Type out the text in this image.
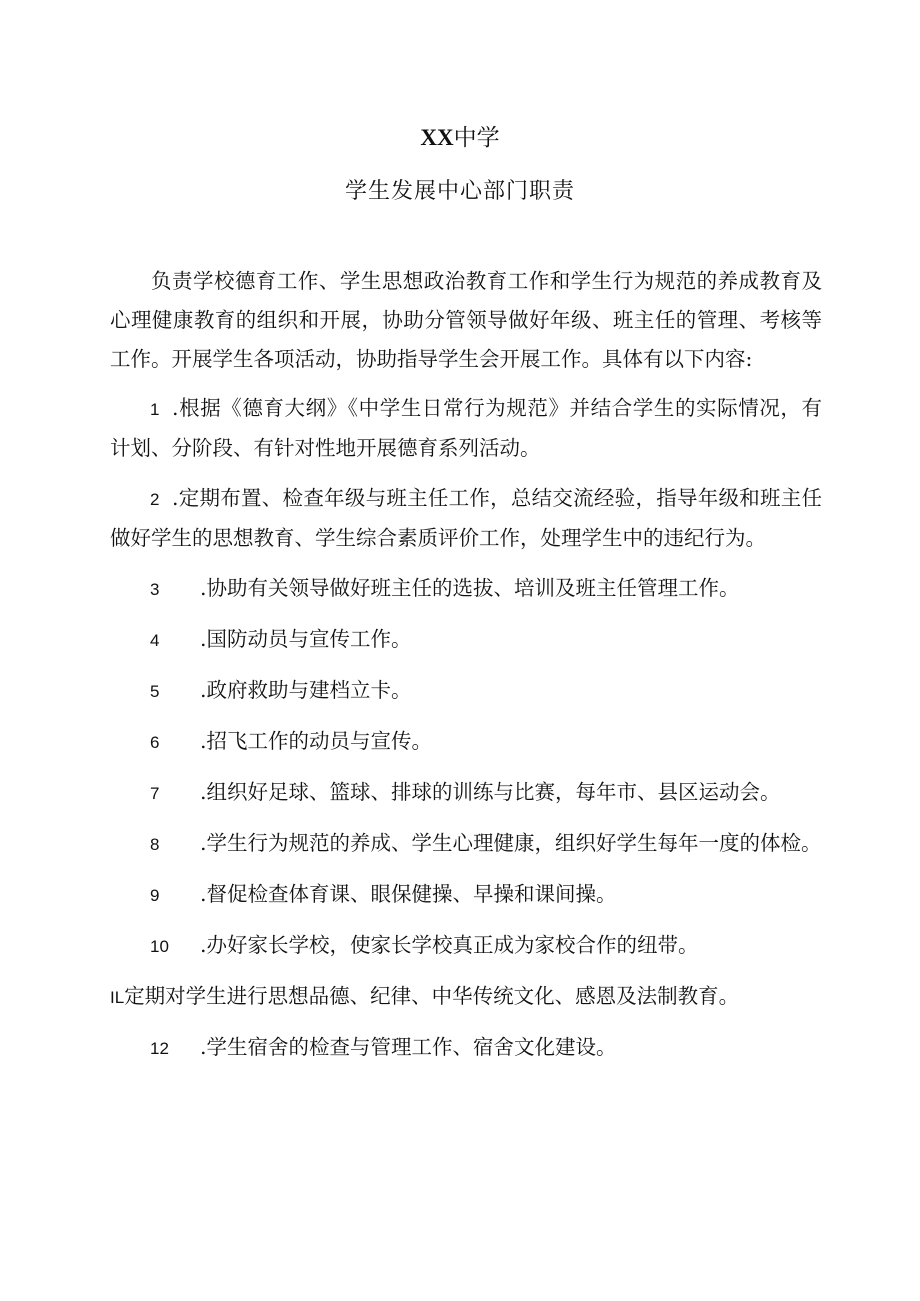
XX中学
学生发展中心部门职责

负责学校德育工作、学生思想政治教育工作和学生行为规范的养成教育及心理健康教育的组织和开展，协助分管领导做好年级、班主任的管理、考核等工作。开展学生各项活动，协助指导学生会开展工作。具体有以下内容:

1 .根据《德育大纲》《中学生日常行为规范》并结合学生的实际情况，有计划、分阶段、有针对性地开展德育系列活动。

2 .定期布置、检查年级与班主任工作，总结交流经验，指导年级和班主任做好学生的思想教育、学生综合素质评价工作，处理学生中的违纪行为。

3 .协助有关领导做好班主任的选拔、培训及班主任管理工作。

4 .国防动员与宣传工作。

5 .政府救助与建档立卡。

6 .招飞工作的动员与宣传。

7 .组织好足球、篮球、排球的训练与比赛，每年市、县区运动会。

8 .学生行为规范的养成、学生心理健康，组织好学生每年一度的体检。

9 .督促检查体育课、眼保健操、早操和课间操。

10 .办好家长学校，使家长学校真正成为家校合作的纽带。

IL定期对学生进行思想品德、纪律、中华传统文化、感恩及法制教育。

12 .学生宿舍的检查与管理工作、宿舍文化建设。
